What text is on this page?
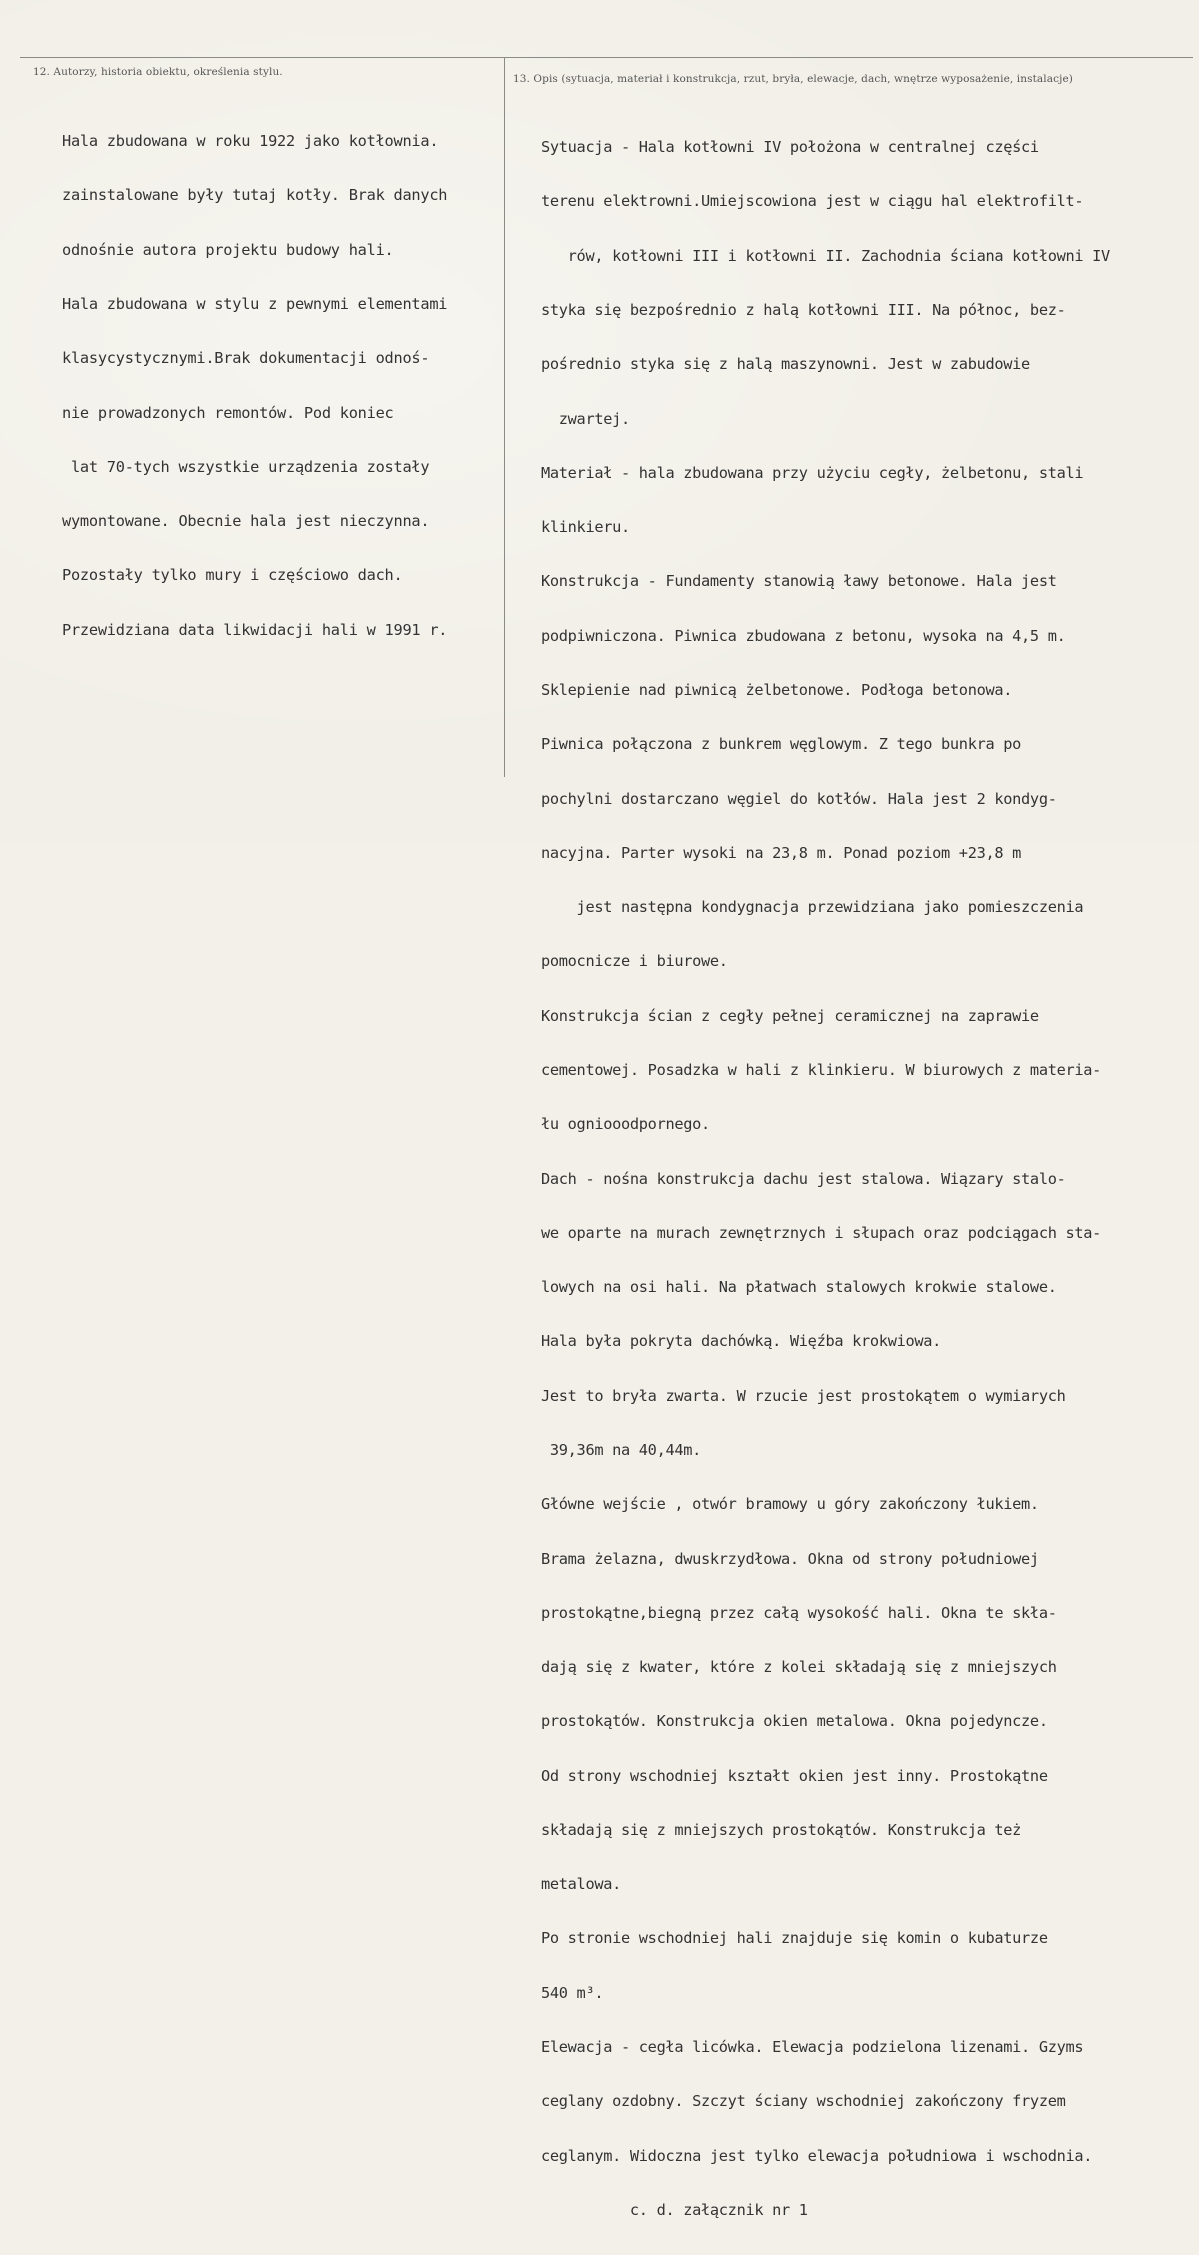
12. Autorzy, historia obiektu, określenia stylu.
13. Opis (sytuacja, materiał i konstrukcja, rzut, bryła, elewacje, dach, wnętrze wyposażenie, instalacje)

Hala zbudowana w roku 1922 jako kotłownia.

zainstalowane były tutaj kotły. Brak danych

odnośnie autora projektu budowy hali.

Hala zbudowana w stylu z pewnymi elementami

klasycystycznymi.Brak dokumentacji odnoś-

nie prowadzonych remontów. Pod koniec

lat 70-tych wszystkie urządzenia zostały

wymontowane. Obecnie hala jest nieczynna.

Pozostały tylko mury i częściowo dach.

Przewidziana data likwidacji hali w 1991 r.

Sytuacja - Hala kotłowni IV położona w centralnej części

terenu elektrowni.Umiejscowiona jest w ciągu hal elektrofilt-

rów, kotłowni III i kotłowni II. Zachodnia ściana kotłowni IV

styka się bezpośrednio z halą kotłowni III. Na północ, bez-

pośrednio styka się z halą maszynowni. Jest w zabudowie

zwartej.

Materiał - hala zbudowana przy użyciu cegły, żelbetonu, stali

klinkieru.

Konstrukcja - Fundamenty stanowią ławy betonowe. Hala jest

podpiwniczona. Piwnica zbudowana z betonu, wysoka na 4,5 m.

Sklepienie nad piwnicą żelbetonowe. Podłoga betonowa.

Piwnica połączona z bunkrem węglowym. Z tego bunkra po

pochylni dostarczano węgiel do kotłów. Hala jest 2 kondyg-

nacyjna. Parter wysoki na 23,8 m. Ponad poziom +23,8 m

jest następna kondygnacja przewidziana jako pomieszczenia

pomocnicze i biurowe.

Konstrukcja ścian z cegły pełnej ceramicznej na zaprawie

cementowej. Posadzka w hali z klinkieru. W biurowych z materia-

łu ogniooodpornego.

Dach - nośna konstrukcja dachu jest stalowa. Wiązary stalo-

we oparte na murach zewnętrznych i słupach oraz podciągach sta-

lowych na osi hali. Na płatwach stalowych krokwie stalowe.

Hala była pokryta dachówką. Więźba krokwiowa.

Jest to bryła zwarta. W rzucie jest prostokątem o wymiarych

39,36m na 40,44m.

Główne wejście , otwór bramowy u góry zakończony łukiem.

Brama żelazna, dwuskrzydłowa. Okna od strony południowej

prostokątne,biegną przez całą wysokość hali. Okna te skła-

dają się z kwater, które z kolei składają się z mniejszych

prostokątów. Konstrukcja okien metalowa. Okna pojedyncze.

Od strony wschodniej kształt okien jest inny. Prostokątne

składają się z mniejszych prostokątów. Konstrukcja też

metalowa.

Po stronie wschodniej hali znajduje się komin o kubaturze

540 m³.

Elewacja - cegła licówka. Elewacja podzielona lizenami. Gzyms

ceglany ozdobny. Szczyt ściany wschodniej zakończony fryzem

ceglanym. Widoczna jest tylko elewacja południowa i wschodnia.

c. d. załącznik nr 1
